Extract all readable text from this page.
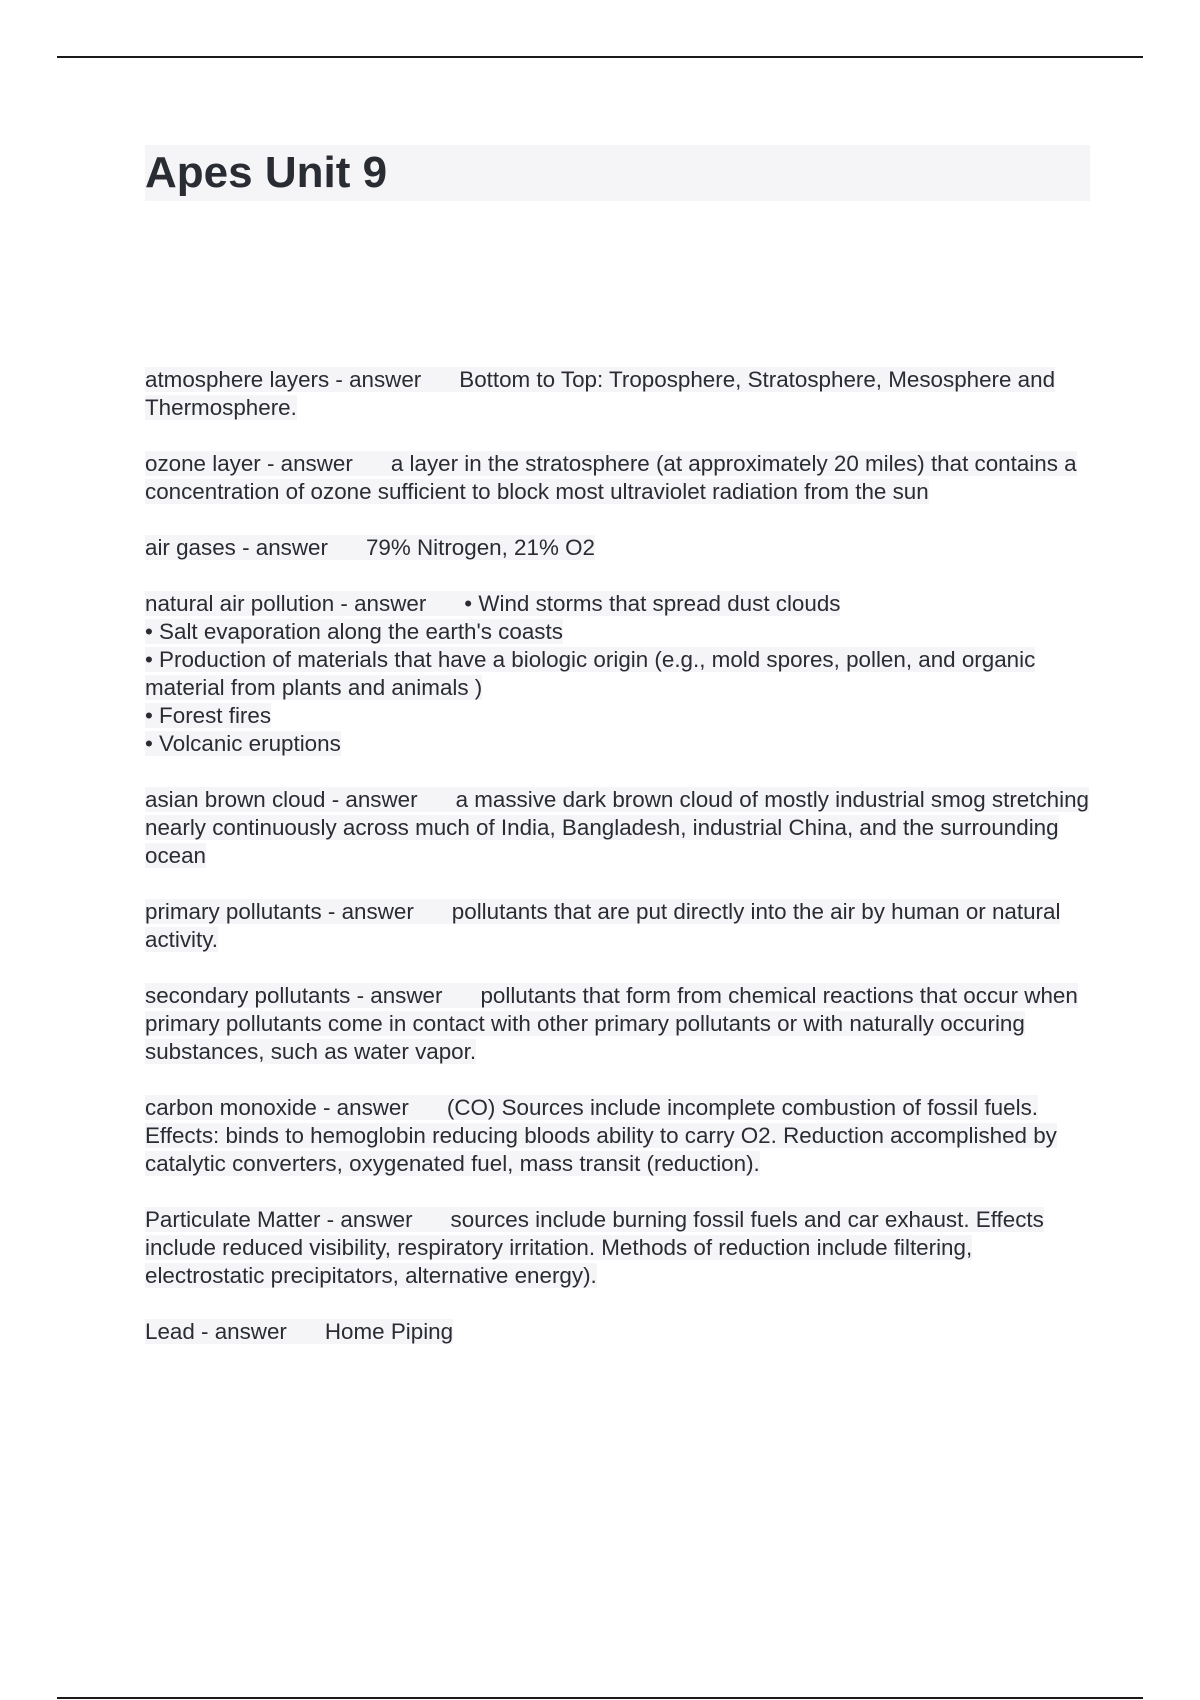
Apes Unit 9
atmosphere layers - answer Bottom to Top: Troposphere, Stratosphere, Mesosphere and Thermosphere.
ozone layer - answer a layer in the stratosphere (at approximately 20 miles) that contains a concentration of ozone sufficient to block most ultraviolet radiation from the sun
air gases - answer 79% Nitrogen, 21% O2
natural air pollution - answer • Wind storms that spread dust clouds
• Salt evaporation along the earth's coasts
• Production of materials that have a biologic origin (e.g., mold spores, pollen, and organic material from plants and animals )
• Forest fires
• Volcanic eruptions
asian brown cloud - answer a massive dark brown cloud of mostly industrial smog stretching nearly continuously across much of India, Bangladesh, industrial China, and the surrounding ocean
primary pollutants - answer pollutants that are put directly into the air by human or natural activity.
secondary pollutants - answer pollutants that form from chemical reactions that occur when primary pollutants come in contact with other primary pollutants or with naturally occuring substances, such as water vapor.
carbon monoxide - answer (CO) Sources include incomplete combustion of fossil fuels. Effects: binds to hemoglobin reducing bloods ability to carry O2. Reduction accomplished by catalytic converters, oxygenated fuel, mass transit (reduction).
Particulate Matter - answer sources include burning fossil fuels and car exhaust. Effects include reduced visibility, respiratory irritation. Methods of reduction include filtering, electrostatic precipitators, alternative energy).
Lead - answer Home Piping
